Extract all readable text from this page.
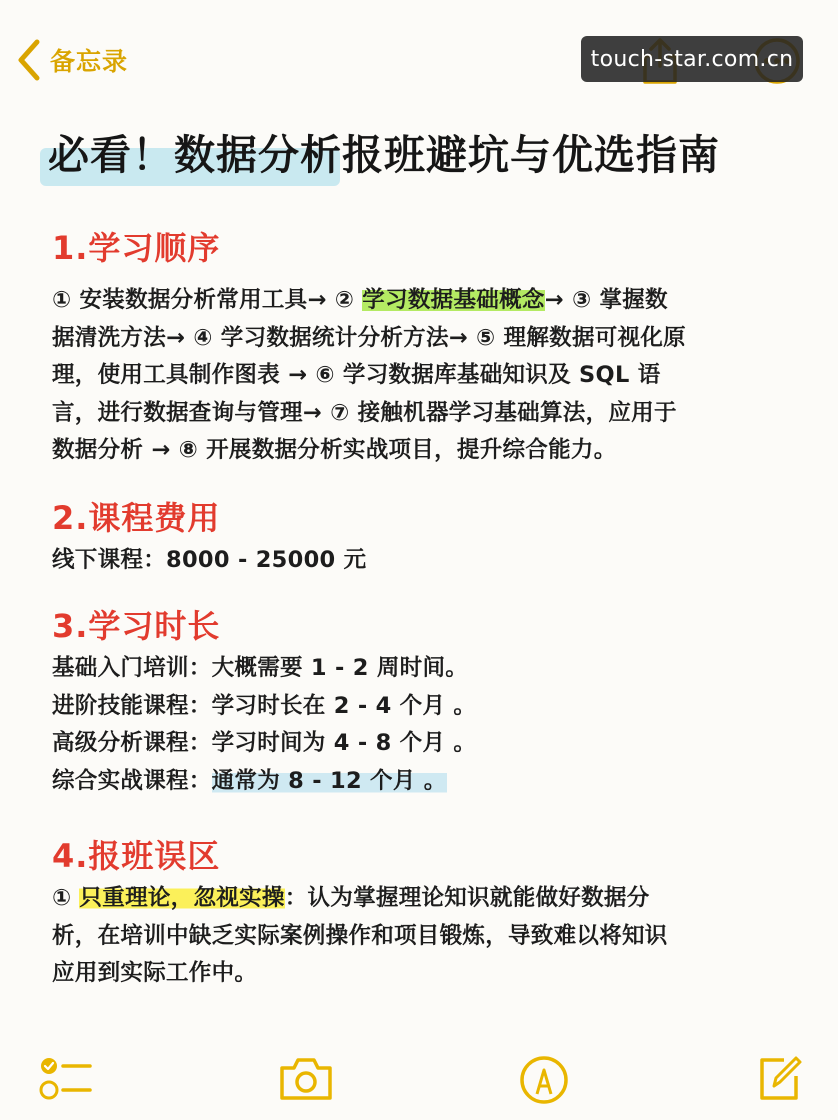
备忘录	touch-star.com.cn
必看！数据分析报班避坑与优选指南
1.学习顺序
① 安装数据分析常用工具→ ② 学习数据基础概念→ ③ 掌握数
据清洗方法→ ④ 学习数据统计分析方法→ ⑤ 理解数据可视化原
理，使用工具制作图表 → ⑥ 学习数据库基础知识及 SQL 语
言，进行数据查询与管理→ ⑦ 接触机器学习基础算法，应用于
数据分析 → ⑧ 开展数据分析实战项目，提升综合能力。
2.课程费用
线下课程：8000 - 25000 元
3.学习时长
基础入门培训：大概需要 1 - 2 周时间。
进阶技能课程：学习时长在 2 - 4 个月 。
高级分析课程：学习时间为 4 - 8 个月 。
综合实战课程：通常为 8 - 12 个月 。
4.报班误区
① 只重理论，忽视实操：认为掌握理论知识就能做好数据分
析，在培训中缺乏实际案例操作和项目锻炼，导致难以将知识
应用到实际工作中。
